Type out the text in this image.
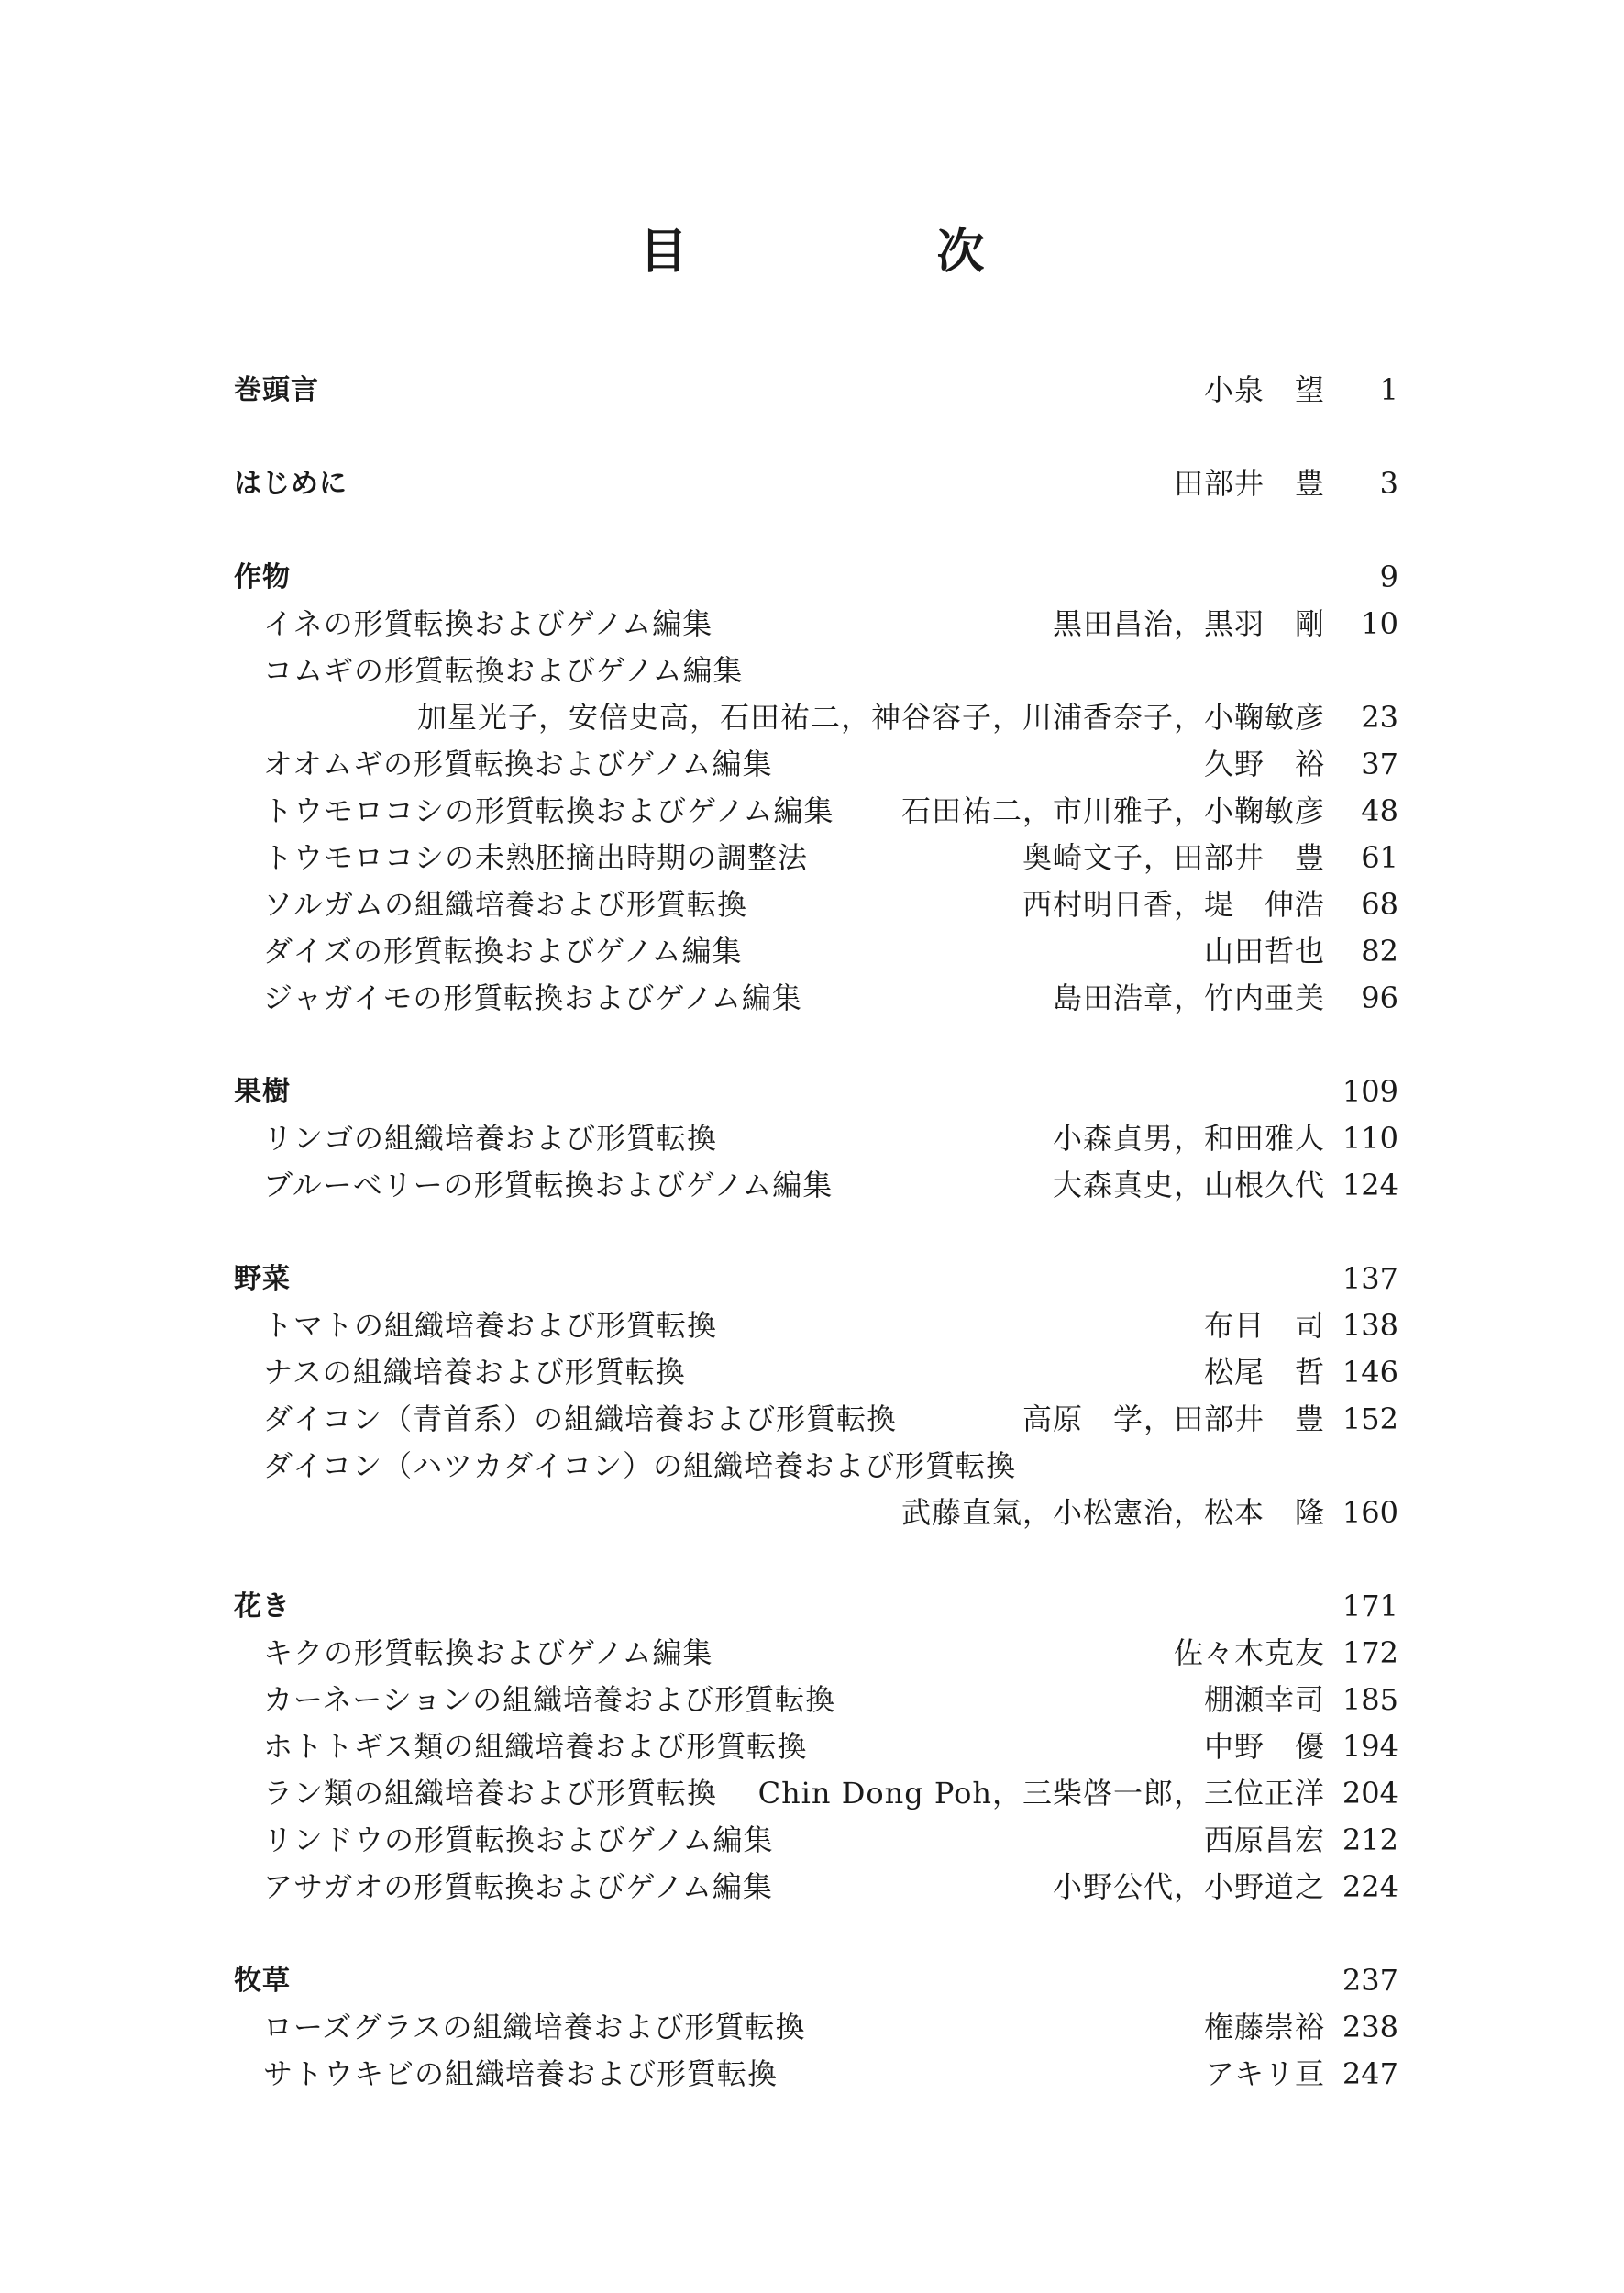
目　次
巻頭言	小泉　望 1
はじめに	田部井　豊 3
作物	9
イネの形質転換およびゲノム編集	黒田昌治，黒羽　剛 10
コムギの形質転換およびゲノム編集
加星光子，安倍史高，石田祐二，神谷容子，川浦香奈子，小鞠敏彦 23
オオムギの形質転換およびゲノム編集	久野　裕 37
トウモロコシの形質転換およびゲノム編集 石田祐二，市川雅子，小鞠敏彦 48
トウモロコシの未熟胚摘出時期の調整法	奥崎文子，田部井　豊 61
ソルガムの組織培養および形質転換	西村明日香，堤　伸浩 68
ダイズの形質転換およびゲノム編集	山田哲也 82
ジャガイモの形質転換およびゲノム編集	島田浩章，竹内亜美 96
果樹	109
リンゴの組織培養および形質転換	小森貞男，和田雅人 110
ブルーベリーの形質転換およびゲノム編集	大森真史，山根久代 124
野菜	137
トマトの組織培養および形質転換	布目　司 138
ナスの組織培養および形質転換	松尾　哲 146
ダイコン（青首系）の組織培養および形質転換	高原　学，田部井　豊 152
ダイコン（ハツカダイコン）の組織培養および形質転換
武藤直氣，小松憲治，松本　隆 160
花き	171
キクの形質転換およびゲノム編集	佐々木克友 172
カーネーションの組織培養および形質転換	棚瀬幸司 185
ホトトギス類の組織培養および形質転換	中野　優 194
ラン類の組織培養および形質転換 Chin Dong Poh，三柴啓一郎，三位正洋 204
リンドウの形質転換およびゲノム編集	西原昌宏 212
アサガオの形質転換およびゲノム編集	小野公代，小野道之 224
牧草	237
ローズグラスの組織培養および形質転換	権藤崇裕 238
サトウキビの組織培養および形質転換	アキリ亘 247
